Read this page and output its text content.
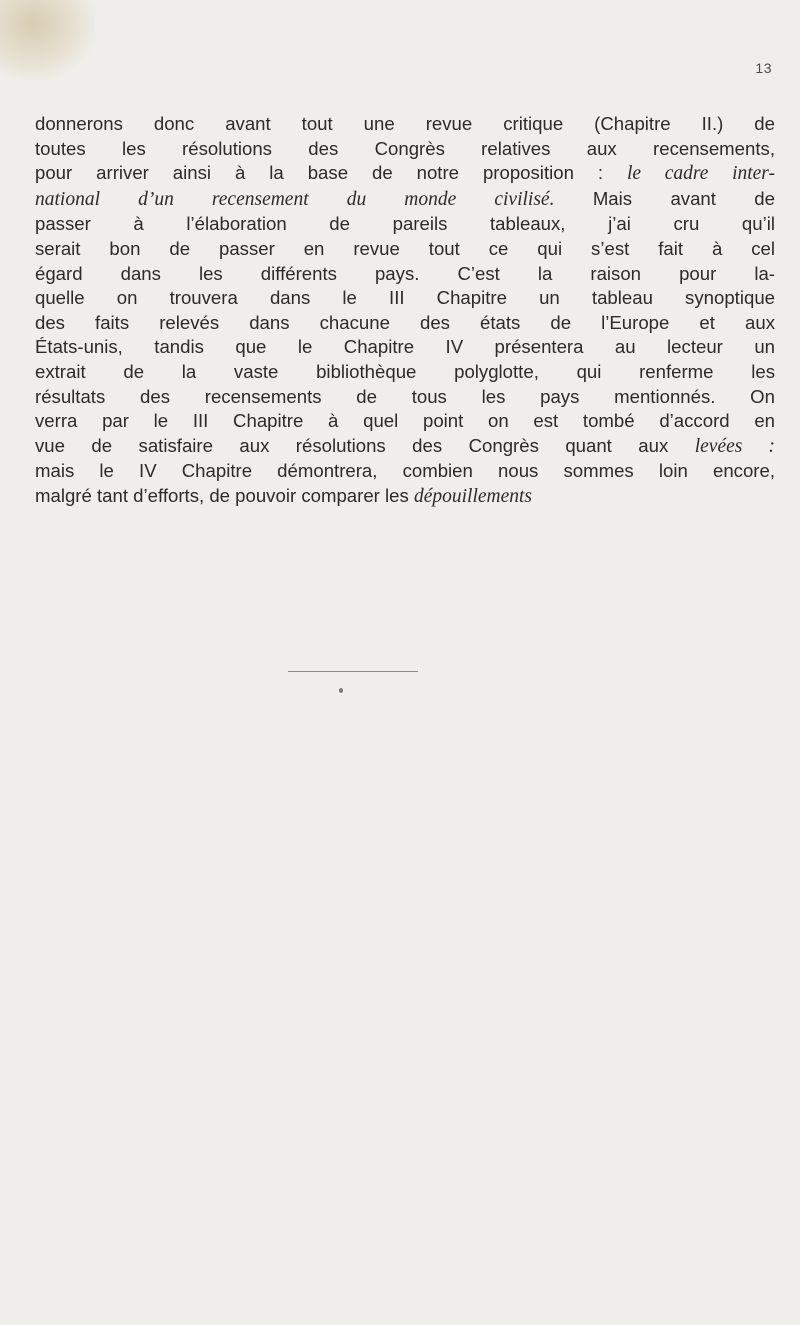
13
donnerons donc avant tout une revue critique (Chapitre II.) de
toutes les résolutions des Congrès relatives aux recensements,
pour arriver ainsi à la base de notre proposition : le cadre inter-
national d’un recensement du monde civilisé. Mais avant de
passer à l’élaboration de pareils tableaux, j’ai cru qu’il
serait bon de passer en revue tout ce qui s’est fait à cel
égard dans les différents pays. C’est la raison pour la-
quelle on trouvera dans le III Chapitre un tableau synoptique
des faits relevés dans chacune des états de l’Europe et aux
États-unis, tandis que le Chapitre IV présentera au lecteur un
extrait de la vaste bibliothèque polyglotte, qui renferme les
résultats des recensements de tous les pays mentionnés. On
verra par le III Chapitre à quel point on est tombé d’accord en
vue de satisfaire aux résolutions des Congrès quant aux levées :
mais le IV Chapitre démontrera, combien nous sommes loin encore,
malgré tant d’efforts, de pouvoir comparer les dépouillements
